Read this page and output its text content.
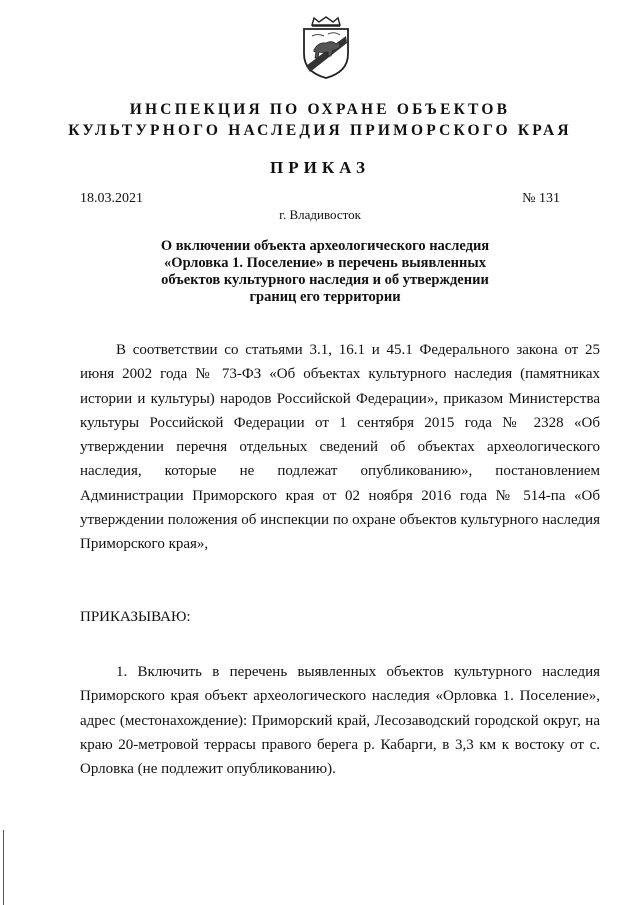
ИНСПЕКЦИЯ ПО ОХРАНЕ ОБЪЕКТОВ
КУЛЬТУРНОГО НАСЛЕДИЯ ПРИМОРСКОГО КРАЯ
ПРИКАЗ
18.03.2021	№ 131
г. Владивосток
О включении объекта археологического наследия «Орловка 1. Поселение» в перечень выявленных объектов культурного наследия и об утверждении границ его территории
В соответствии со статьями 3.1, 16.1 и 45.1 Федерального закона от 25 июня 2002 года № 73-ФЗ «Об объектах культурного наследия (памятниках истории и культуры) народов Российской Федерации», приказом Министерства культуры Российской Федерации от 1 сентября 2015 года № 2328 «Об утверждении перечня отдельных сведений об объектах археологического наследия, которые не подлежат опубликованию», постановлением Администрации Приморского края от 02 ноября 2016 года № 514-па «Об утверждении положения об инспекции по охране объектов культурного наследия Приморского края»,
ПРИКАЗЫВАЮ:
1. Включить в перечень выявленных объектов культурного наследия Приморского края объект археологического наследия «Орловка 1. Поселение», адрес (местонахождение): Приморский край, Лесозаводский городской округ, на краю 20-метровой террасы правого берега р. Кабарги, в 3,3 км к востоку от с. Орловка (не подлежит опубликованию).
